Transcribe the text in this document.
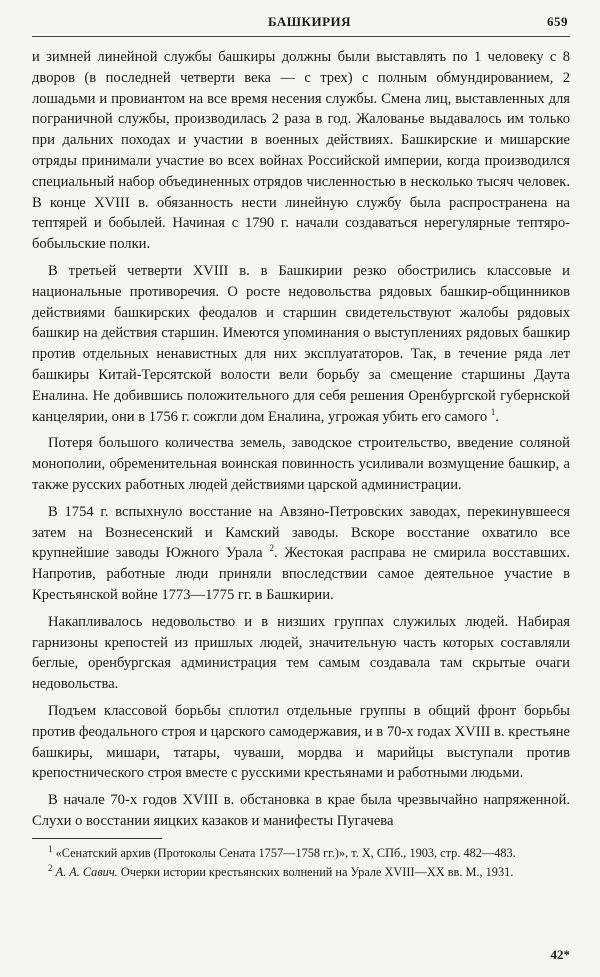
БАШКИРИЯ	659

и зимней линейной службы башкиры должны были выставлять по 1 человеку с 8 дворов (в последней четверти века — с трех) с полным обмундированием, 2 лошадьми и провиантом на все время несения службы. Смена лиц, выставленных для пограничной службы, производилась 2 раза в год. Жалованье выдавалось им только при дальних походах и участии в военных действиях. Башкирские и мишарские отряды принимали участие во всех войнах Российской империи, когда производился специальный набор объединенных отрядов численностью в несколько тысяч человек. В конце XVIII в. обязанность нести линейную службу была распространена на тептярей и бобылей. Начиная с 1790 г. начали создаваться нерегулярные тептяро-бобыльские полки.

В третьей четверти XVIII в. в Башкирии резко обострились классовые и национальные противоречия. О росте недовольства рядовых башкир-общинников действиями башкирских феодалов и старшин свидетельствуют жалобы рядовых башкир на действия старшин. Имеются упоминания о выступлениях рядовых башкир против отдельных ненавистных для них эксплуататоров. Так, в течение ряда лет башкиры Китай-Терсятской волости вели борьбу за смещение старшины Даута Еналина. Не добившись положительного для себя решения Оренбургской губернской канцелярии, они в 1756 г. сожгли дом Еналина, угрожая убить его самого $^1$.

Потеря большого количества земель, заводское строительство, введение соляной монополии, обременительная воинская повинность усиливали возмущение башкир, а также русских работных людей действиями царской администрации.

В 1754 г. вспыхнуло восстание на Авзяно-Петровских заводах, перекинувшееся затем на Вознесенский и Камский заводы. Вскоре восстание охватило все крупнейшие заводы Южного Урала $^2$. Жестокая расправа не смирила восставших. Напротив, работные люди приняли впоследствии самое деятельное участие в Крестьянской войне 1773—1775 гг. в Башкирии.

Накапливалось недовольство и в низших группах служилых людей. Набирая гарнизоны крепостей из пришлых людей, значительную часть которых составляли беглые, оренбургская администрация тем самым создавала там скрытые очаги недовольства.

Подъем классовой борьбы сплотил отдельные группы в общий фронт борьбы против феодального строя и царского самодержавия, и в 70-х годах XVIII в. крестьяне башкиры, мишари, татары, чуваши, мордва и марийцы выступали против крепостнического строя вместе с русскими крестьянами и работными людьми.

В начале 70-х годов XVIII в. обстановка в крае была чрезвычайно напряженной. Слухи о восстании яицких казаков и манифесты Пугачева

$^1$ «Сенатский архив (Протоколы Сената 1757—1758 гг.)», т. X, СПб., 1903, стр. 482—483.

$^2$ А. А. Савич. Очерки истории крестьянских волнений на Урале XVIII—XX вв. М., 1931.

42*
